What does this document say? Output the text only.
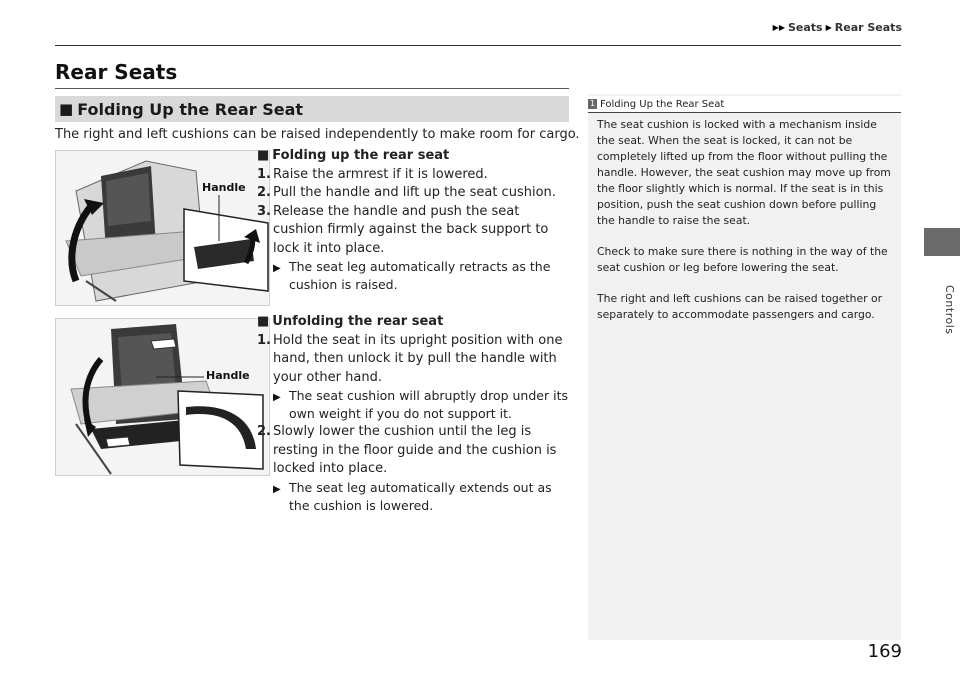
▶▶ Seats ▶ Rear Seats
Controls
Rear Seats
■ Folding Up the Rear Seat
The right and left cushions can be raised independently to make room for cargo.
Handle
Handle
■ Folding up the rear seat
1. Raise the armrest if it is lowered.
2. Pull the handle and lift up the seat cushion.
3. Release the handle and push the seat cushion firmly against the back support to lock it into place.
▶ The seat leg automatically retracts as the cushion is raised.
■ Unfolding the rear seat
1. Hold the seat in its upright position with one hand, then unlock it by pull the handle with your other hand.
▶ The seat cushion will abruptly drop under its own weight if you do not support it.
2. Slowly lower the cushion until the leg is resting in the floor guide and the cushion is locked into place.
▶ The seat leg automatically extends out as the cushion is lowered.
1 Folding Up the Rear Seat

The seat cushion is locked with a mechanism inside the seat. When the seat is locked, it can not be completely lifted up from the floor without pulling the handle. However, the seat cushion may move up from the floor slightly which is normal. If the seat is in this position, push the seat cushion down before pulling the handle to raise the seat.

Check to make sure there is nothing in the way of the seat cushion or leg before lowering the seat.

The right and left cushions can be raised together or separately to accommodate passengers and cargo.

169
